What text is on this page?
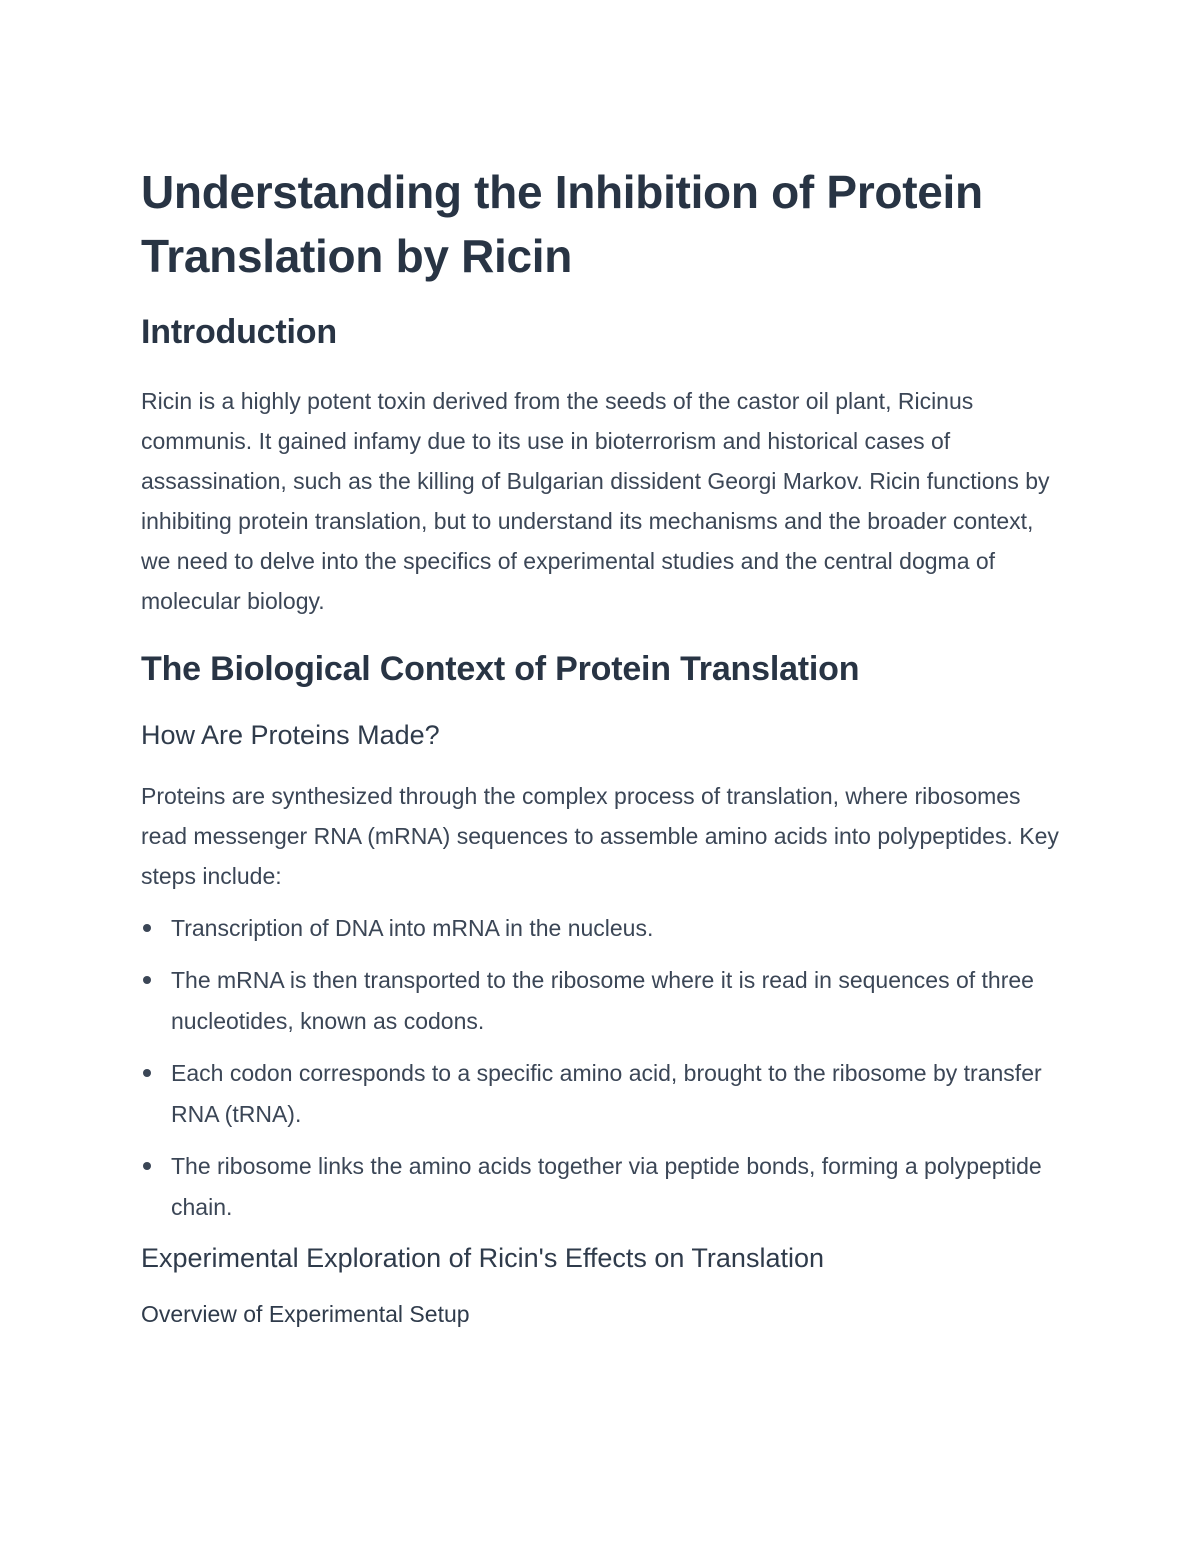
Understanding the Inhibition of Protein Translation by Ricin
Introduction

Ricin is a highly potent toxin derived from the seeds of the castor oil plant, Ricinus communis. It gained infamy due to its use in bioterrorism and historical cases of assassination, such as the killing of Bulgarian dissident Georgi Markov. Ricin functions by inhibiting protein translation, but to understand its mechanisms and the broader context, we need to delve into the specifics of experimental studies and the central dogma of molecular biology.

The Biological Context of Protein Translation
How Are Proteins Made?

Proteins are synthesized through the complex process of translation, where ribosomes read messenger RNA (mRNA) sequences to assemble amino acids into polypeptides. Key steps include:

Transcription of DNA into mRNA in the nucleus.
The mRNA is then transported to the ribosome where it is read in sequences of three nucleotides, known as codons.
Each codon corresponds to a specific amino acid, brought to the ribosome by transfer RNA (tRNA).
The ribosome links the amino acids together via peptide bonds, forming a polypeptide chain.
Experimental Exploration of Ricin's Effects on Translation
Overview of Experimental Setup
